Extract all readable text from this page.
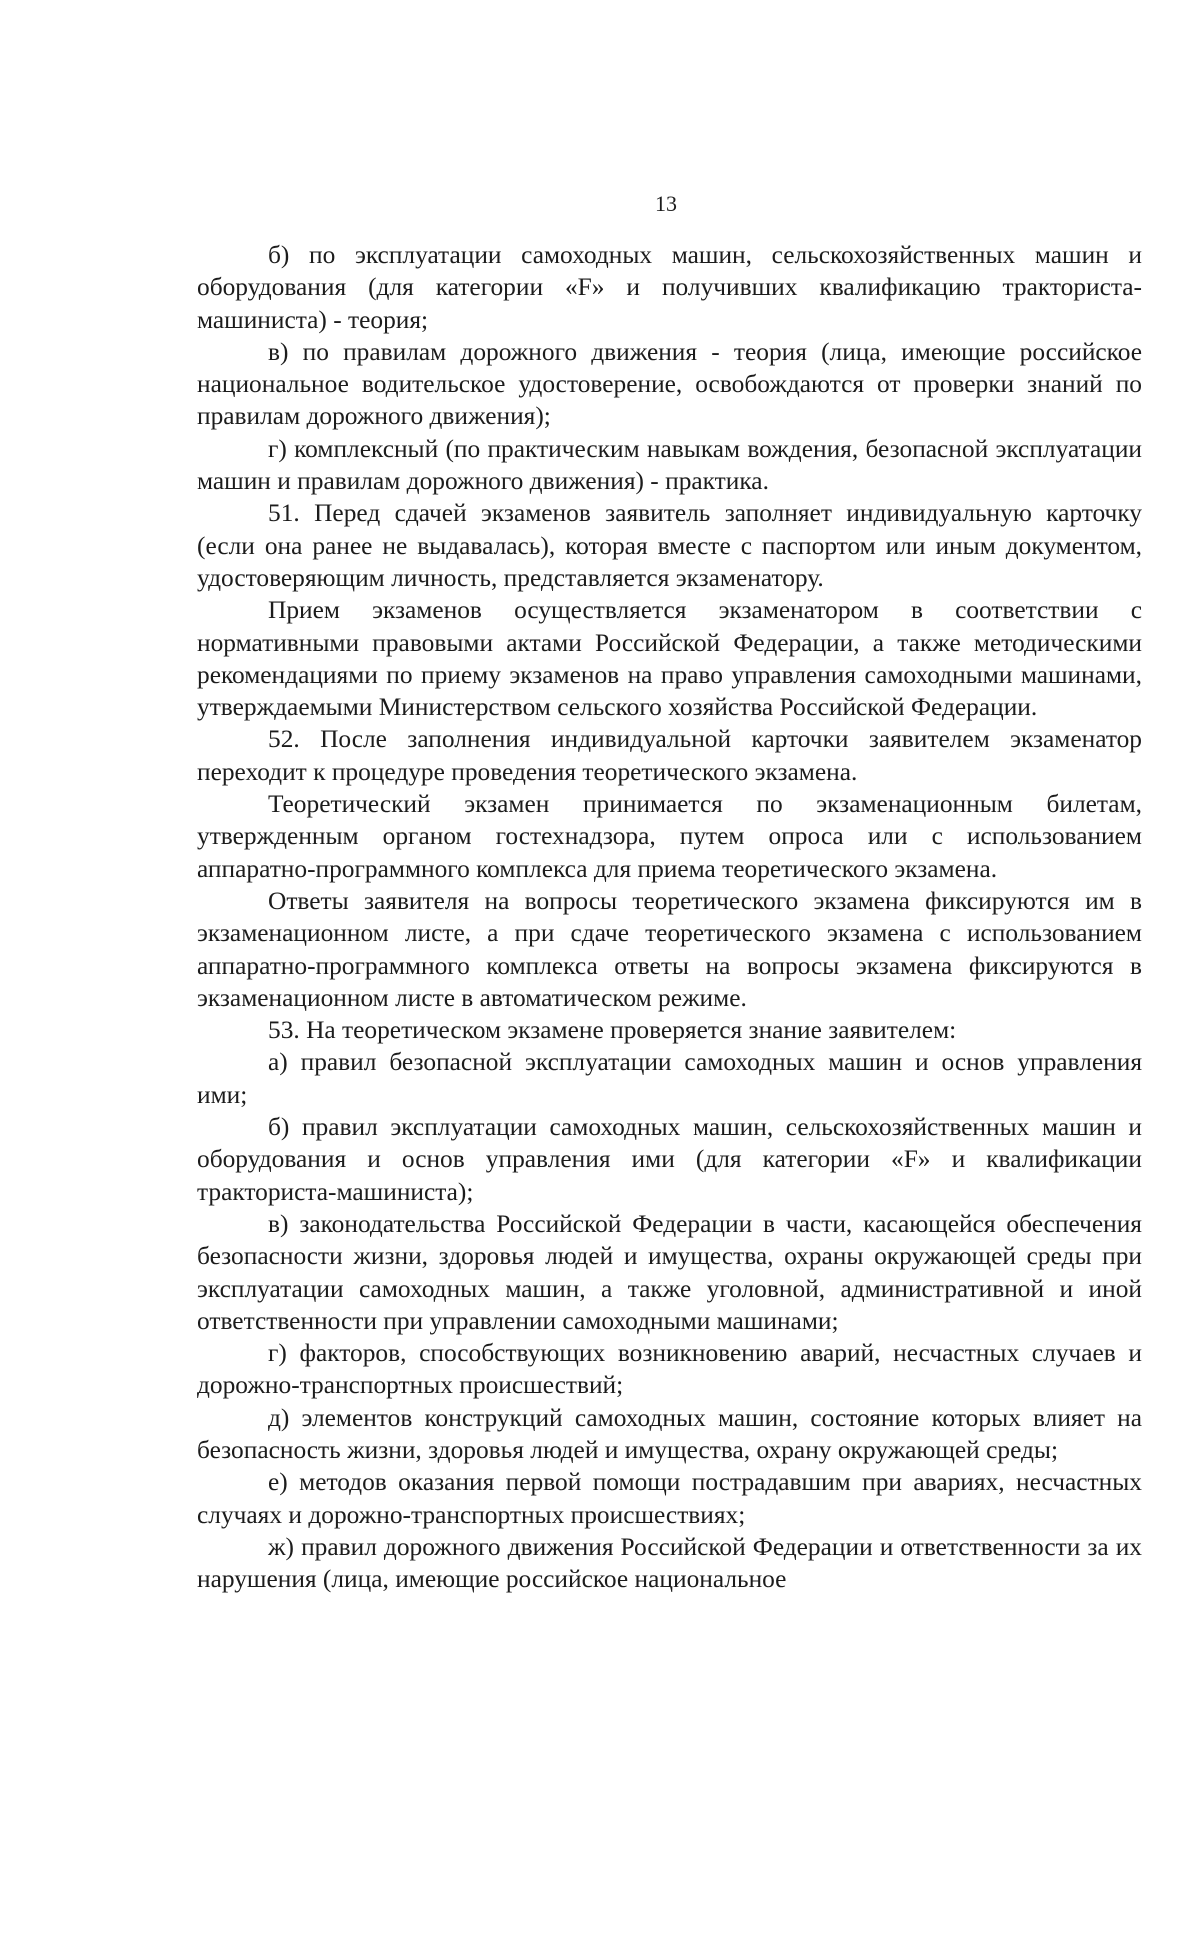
13

б) по эксплуатации самоходных машин, сельскохозяйственных машин и оборудования (для категории «F» и получивших квалификацию тракториста-машиниста) - теория;

в) по правилам дорожного движения - теория (лица, имеющие российское национальное водительское удостоверение, освобождаются от проверки знаний по правилам дорожного движения);

г) комплексный (по практическим навыкам вождения, безопасной эксплуатации машин и правилам дорожного движения) - практика.

51. Перед сдачей экзаменов заявитель заполняет индивидуальную карточку (если она ранее не выдавалась), которая вместе с паспортом или иным документом, удостоверяющим личность, представляется экзаменатору.

Прием экзаменов осуществляется экзаменатором в соответствии с нормативными правовыми актами Российской Федерации, а также методическими рекомендациями по приему экзаменов на право управления самоходными машинами, утверждаемыми Министерством сельского хозяйства Российской Федерации.

52. После заполнения индивидуальной карточки заявителем экзаменатор переходит к процедуре проведения теоретического экзамена.

Теоретический экзамен принимается по экзаменационным билетам, утвержденным органом гостехнадзора, путем опроса или с использованием аппаратно-программного комплекса для приема теоретического экзамена.

Ответы заявителя на вопросы теоретического экзамена фиксируются им в экзаменационном листе, а при сдаче теоретического экзамена с использованием аппаратно-программного комплекса ответы на вопросы экзамена фиксируются в экзаменационном листе в автоматическом режиме.

53. На теоретическом экзамене проверяется знание заявителем:

а) правил безопасной эксплуатации самоходных машин и основ управления ими;

б) правил эксплуатации самоходных машин, сельскохозяйственных машин и оборудования и основ управления ими (для категории «F» и квалификации тракториста-машиниста);

в) законодательства Российской Федерации в части, касающейся обеспечения безопасности жизни, здоровья людей и имущества, охраны окружающей среды при эксплуатации самоходных машин, а также уголовной, административной и иной ответственности при управлении самоходными машинами;

г) факторов, способствующих возникновению аварий, несчастных случаев и дорожно-транспортных происшествий;

д) элементов конструкций самоходных машин, состояние которых влияет на безопасность жизни, здоровья людей и имущества, охрану окружающей среды;

е) методов оказания первой помощи пострадавшим при авариях, несчастных случаях и дорожно-транспортных происшествиях;

ж) правил дорожного движения Российской Федерации и ответственности за их нарушения (лица, имеющие российское национальное
